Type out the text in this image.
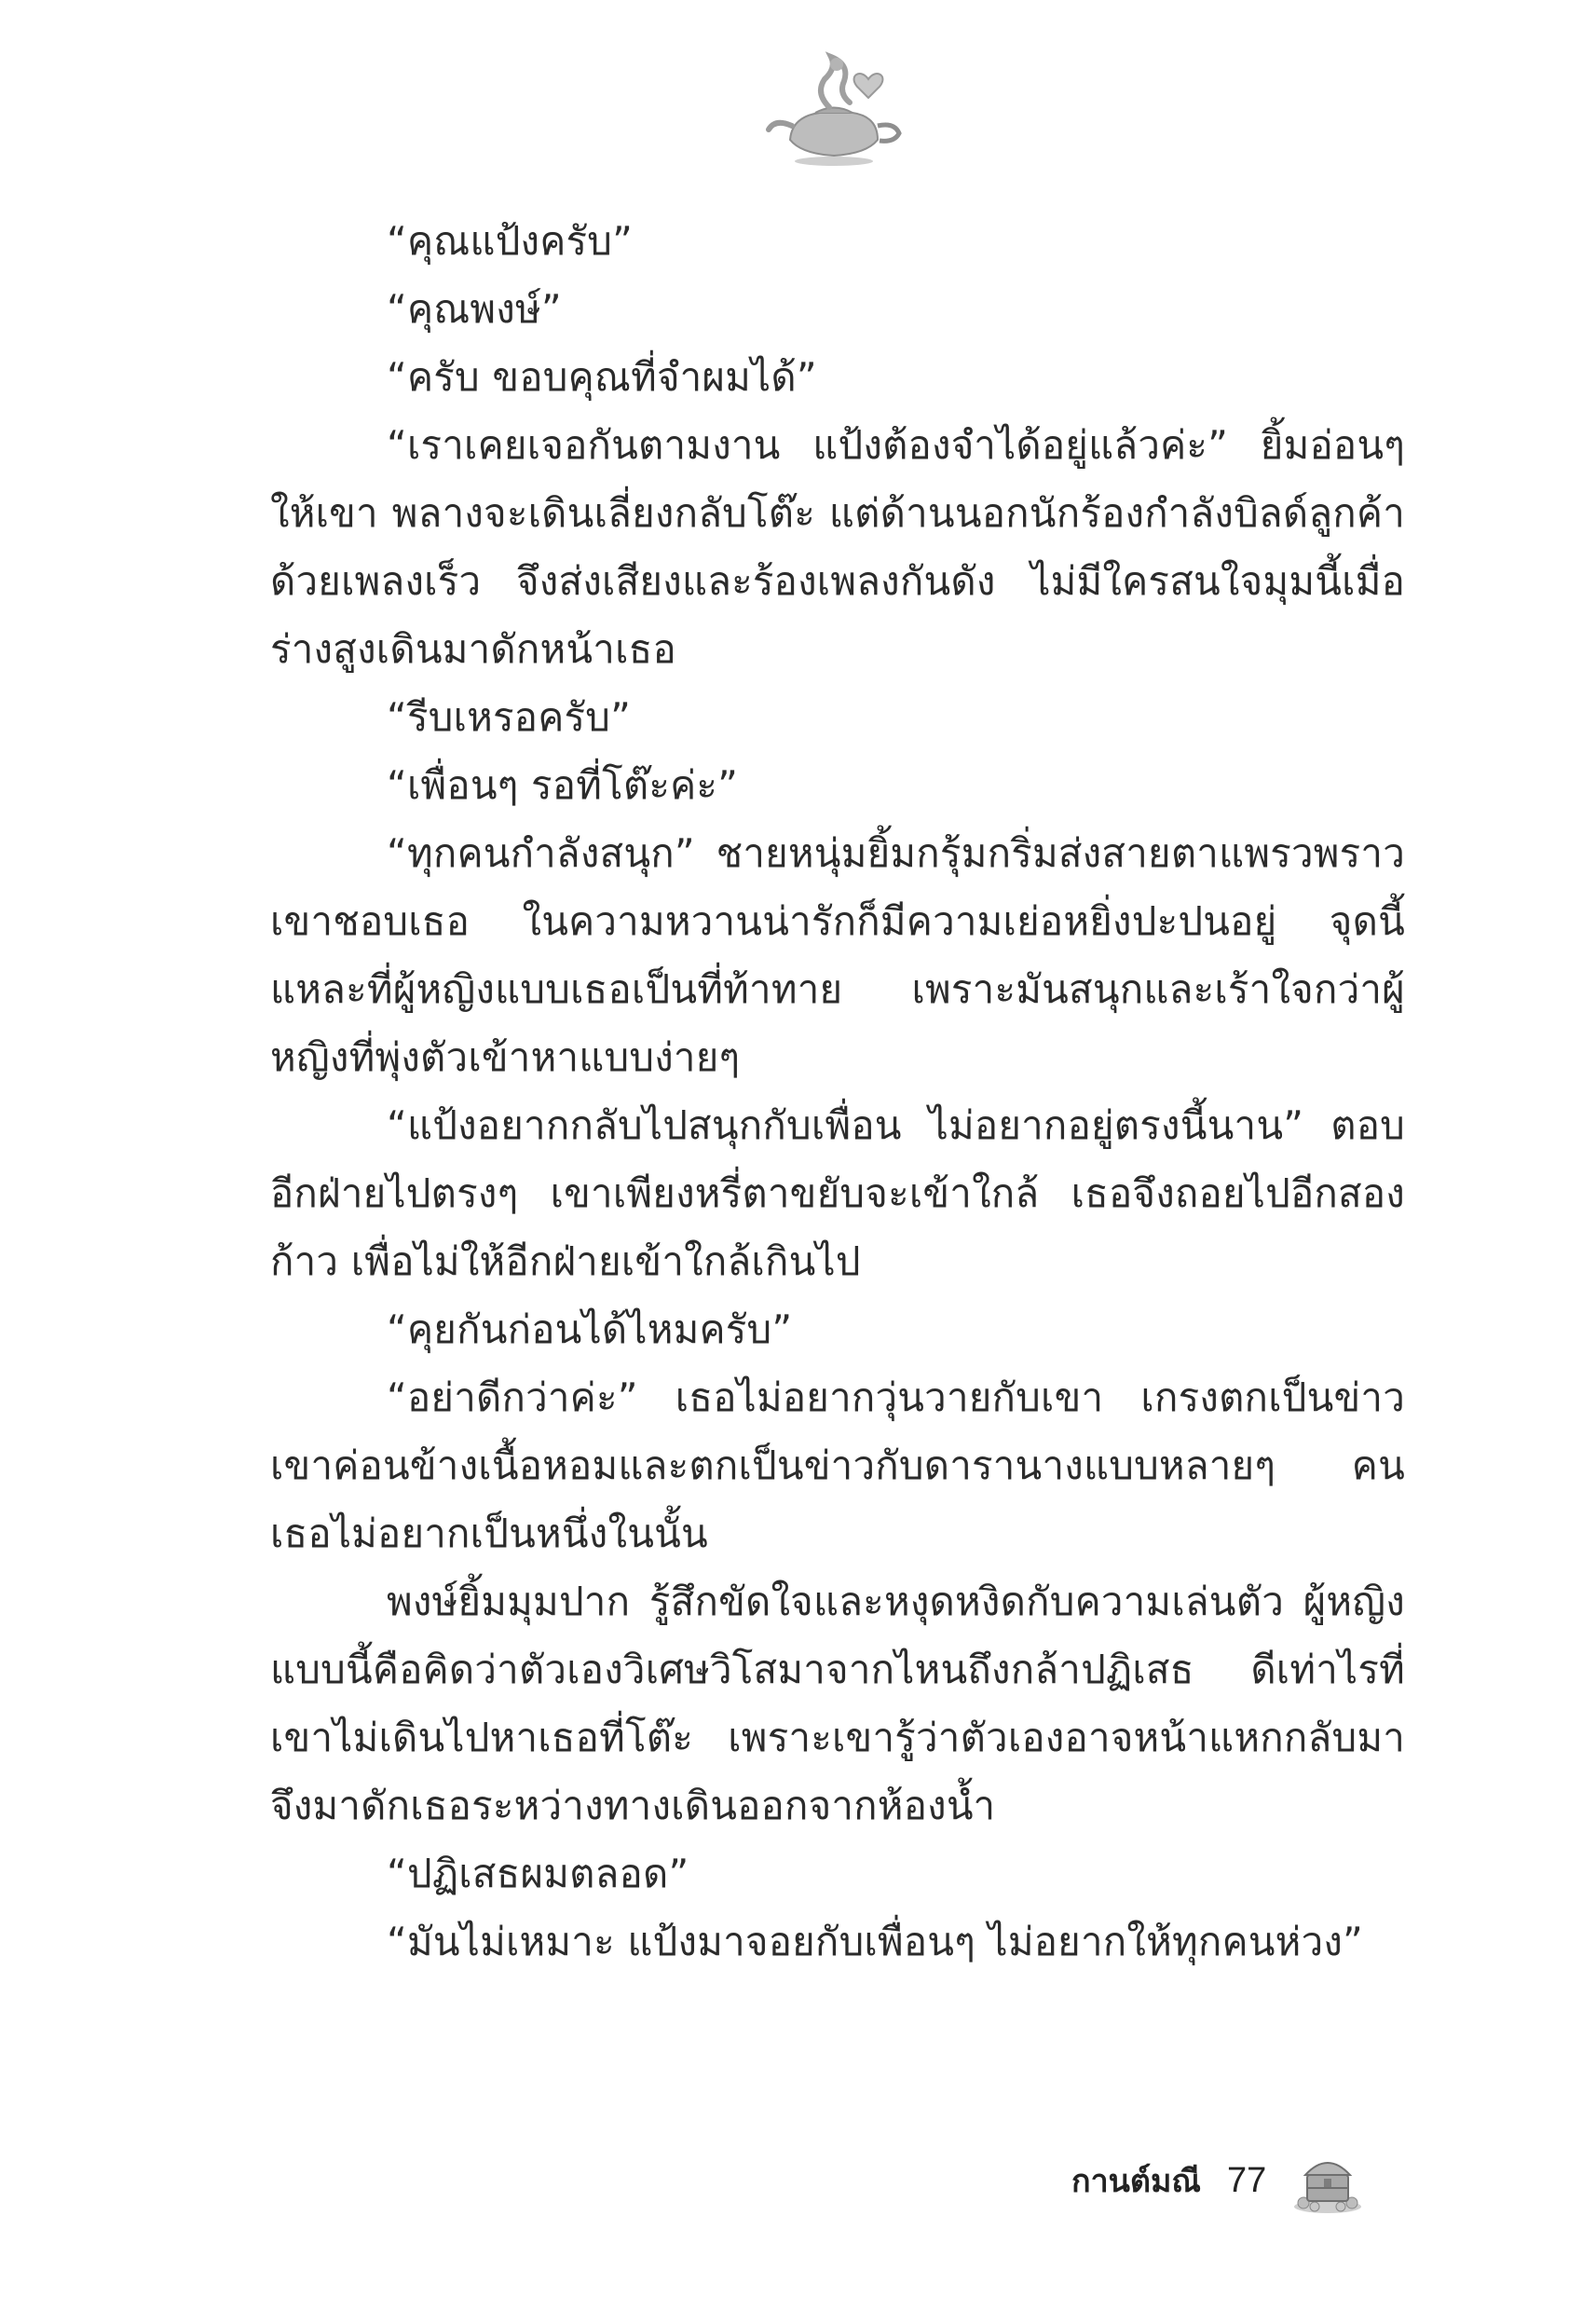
“คุณแป้งครับ”

“คุณพงษ์”

“ครับ ขอบคุณที่จำผมได้”

“เราเคยเจอกันตามงาน แป้งต้องจำได้อยู่แล้วค่ะ” ยิ้มอ่อนๆ ให้เขา พลางจะเดินเลี่ยงกลับโต๊ะ แต่ด้านนอกนักร้องกำลังบิลด์ลูกค้าด้วยเพลงเร็ว จึงส่งเสียงและร้องเพลงกันดัง ไม่มีใครสนใจมุมนี้เมื่อร่างสูงเดินมาดักหน้าเธอ

“รีบเหรอครับ”

“เพื่อนๆ รอที่โต๊ะค่ะ”

“ทุกคนกำลังสนุก” ชายหนุ่มยิ้มกรุ้มกริ่มส่งสายตาแพรวพราว เขาชอบเธอ ในความหวานน่ารักก็มีความเย่อหยิ่งปะปนอยู่ จุดนี้แหละที่ผู้หญิงแบบเธอเป็นที่ท้าทาย เพราะมันสนุกและเร้าใจกว่าผู้หญิงที่พุ่งตัวเข้าหาแบบง่ายๆ

“แป้งอยากกลับไปสนุกกับเพื่อน ไม่อยากอยู่ตรงนี้นาน” ตอบอีกฝ่ายไปตรงๆ เขาเพียงหรี่ตาขยับจะเข้าใกล้ เธอจึงถอยไปอีกสองก้าว เพื่อไม่ให้อีกฝ่ายเข้าใกล้เกินไป

“คุยกันก่อนได้ไหมครับ”

“อย่าดีกว่าค่ะ” เธอไม่อยากวุ่นวายกับเขา เกรงตกเป็นข่าว เขาค่อนข้างเนื้อหอมและตกเป็นข่าวกับดารานางแบบหลายๆ คน เธอไม่อยากเป็นหนึ่งในนั้น

พงษ์ยิ้มมุมปาก รู้สึกขัดใจและหงุดหงิดกับความเล่นตัว ผู้หญิงแบบนี้คือคิดว่าตัวเองวิเศษวิโสมาจากไหนถึงกล้าปฏิเสธ ดีเท่าไรที่เขาไม่เดินไปหาเธอที่โต๊ะ เพราะเขารู้ว่าตัวเองอาจหน้าแหกกลับมา จึงมาดักเธอระหว่างทางเดินออกจากห้องน้ำ

“ปฏิเสธผมตลอด”

“มันไม่เหมาะ แป้งมาจอยกับเพื่อนๆ ไม่อยากให้ทุกคนห่วง”

กานต์มณี 77
